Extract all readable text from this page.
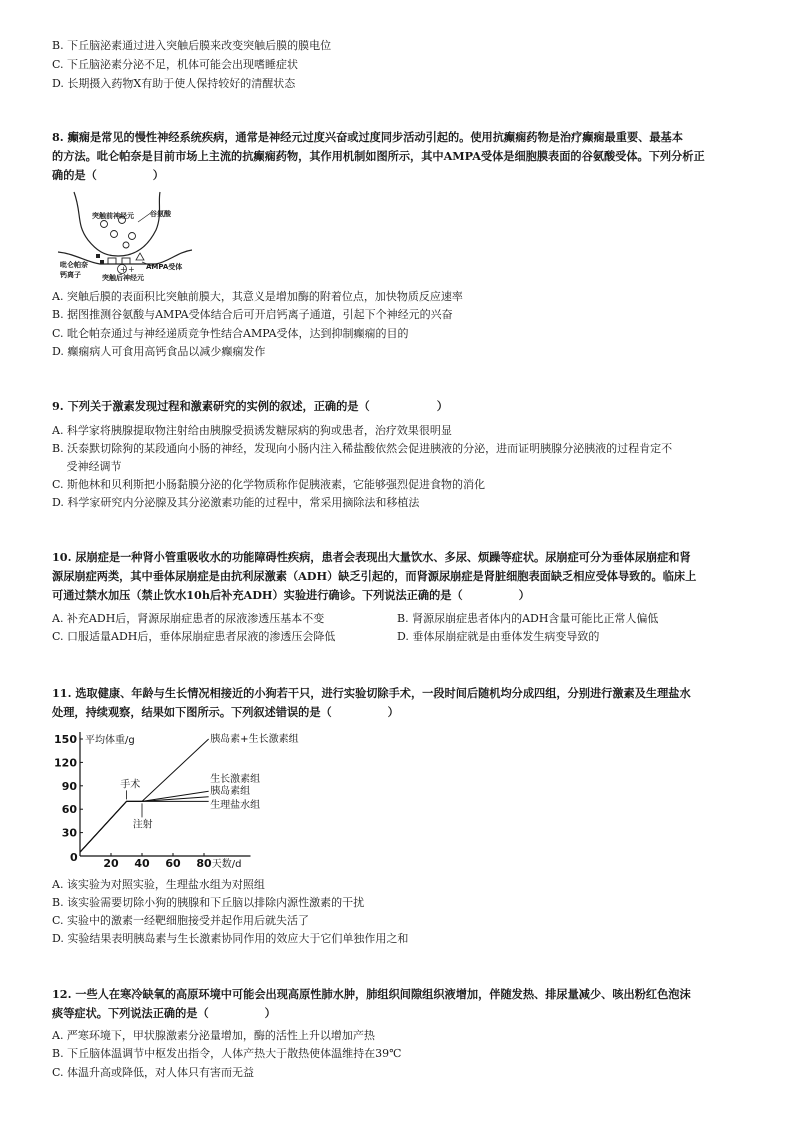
B. 下丘脑泌素通过进入突触后膜来改变突触后膜的膜电位
C. 下丘脑泌素分泌不足，机体可能会出现嗜睡症状
D. 长期摄入药物X有助于使人保持较好的清醒状态

8. 癫痫是常见的慢性神经系统疾病，通常是神经元过度兴奋或过度同步活动引起的。使用抗癫痫药物是治疗癫痫最重要、最基本

的方法。吡仑帕奈是目前市场上主流的抗癫痫药物，其作用机制如图所示，其中AMPA受体是细胞膜表面的谷氨酸受体。下列分析正

确的是（　　　　　）

+ +
突触前神经元 谷氨酸
吡仑帕奈
钙离子
AMPA受体
突触后神经元
A. 突触后膜的表面积比突触前膜大，其意义是增加酶的附着位点，加快物质反应速率
B. 据图推测谷氨酸与AMPA受体结合后可开启钙离子通道，引起下个神经元的兴奋
C. 吡仑帕奈通过与神经递质竞争性结合AMPA受体，达到抑制癫痫的目的
D. 癫痫病人可食用高钙食品以减少癫痫发作

9. 下列关于激素发现过程和激素研究的实例的叙述，正确的是（　　　　　　）

A. 科学家将胰腺提取物注射给由胰腺受损诱发糖尿病的狗或患者，治疗效果很明显
B. 沃泰默切除狗的某段通向小肠的神经，发现向小肠内注入稀盐酸依然会促进胰液的分泌，进而证明胰腺分泌胰液的过程肯定不
　 受神经调节
C. 斯他林和贝利斯把小肠黏膜分泌的化学物质称作促胰液素，它能够强烈促进食物的消化
D. 科学家研究内分泌腺及其分泌激素功能的过程中，常采用摘除法和移植法

10. 尿崩症是一种肾小管重吸收水的功能障碍性疾病，患者会表现出大量饮水、多尿、烦躁等症状。尿崩症可分为垂体尿崩症和肾

源尿崩症两类，其中垂体尿崩症是由抗利尿激素（ADH）缺乏引起的，而肾源尿崩症是肾脏细胞表面缺乏相应受体导致的。临床上

可通过禁水加压（禁止饮水10h后补充ADH）实验进行确诊。下列说法正确的是（　　　　　）

A. 补充ADH后，肾源尿崩症患者的尿液渗透压基本不变	B. 肾源尿崩症患者体内的ADH含量可能比正常人偏低
C. 口服适量ADH后，垂体尿崩症患者尿液的渗透压会降低	D. 垂体尿崩症就是由垂体发生病变导致的

11. 选取健康、年龄与生长情况相接近的小狗若干只，进行实验切除手术，一段时间后随机均分成四组，分别进行激素及生理盐水

处理，持续观察，结果如下图所示。下列叙述错误的是（　　　　　）

30
60
90
120
150
20 40 60 80
0
平均体重/g
天数/d
胰岛素+生长激素组
生长激素组
胰岛素组
生理盐水组
手术
注射
A. 该实验为对照实验，生理盐水组为对照组
B. 该实验需要切除小狗的胰腺和下丘脑以排除内源性激素的干扰
C. 实验中的激素一经靶细胞接受并起作用后就失活了
D. 实验结果表明胰岛素与生长激素协同作用的效应大于它们单独作用之和

12. 一些人在寒冷缺氧的高原环境中可能会出现高原性肺水肿，肺组织间隙组织液增加，伴随发热、排尿量减少、咳出粉红色泡沫

痰等症状。下列说法正确的是（　　　　　）

A. 严寒环境下，甲状腺激素分泌量增加，酶的活性上升以增加产热
B. 下丘脑体温调节中枢发出指令，人体产热大于散热使体温维持在39℃
C. 体温升高或降低，对人体只有害而无益
